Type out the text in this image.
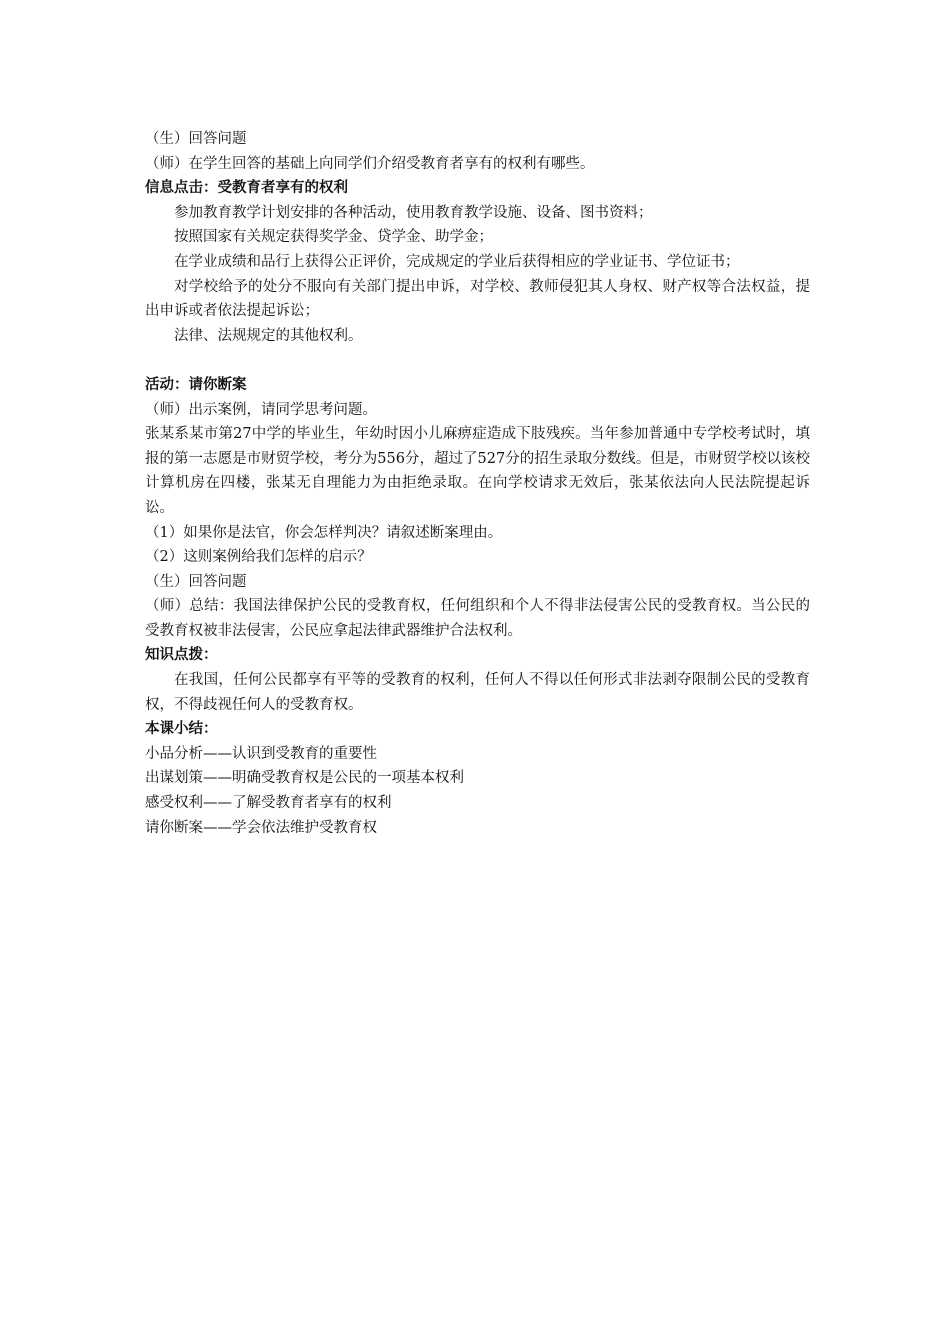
（生）回答问题

（师）在学生回答的基础上向同学们介绍受教育者享有的权利有哪些。

信息点击：受教育者享有的权利

参加教育教学计划安排的各种活动，使用教育教学设施、设备、图书资料；

按照国家有关规定获得奖学金、贷学金、助学金；

在学业成绩和品行上获得公正评价，完成规定的学业后获得相应的学业证书、学位证书；

对学校给予的处分不服向有关部门提出申诉，对学校、教师侵犯其人身权、财产权等合法权益，提出申诉或者依法提起诉讼；

法律、法规规定的其他权利。

活动：请你断案

（师）出示案例，请同学思考问题。

张某系某市第27中学的毕业生，年幼时因小儿麻痹症造成下肢残疾。当年参加普通中专学校考试时，填报的第一志愿是市财贸学校，考分为556分，超过了527分的招生录取分数线。但是，市财贸学校以该校计算机房在四楼，张某无自理能力为由拒绝录取。在向学校请求无效后，张某依法向人民法院提起诉讼。

（1）如果你是法官，你会怎样判决？请叙述断案理由。

（2）这则案例给我们怎样的启示？

（生）回答问题

（师）总结：我国法律保护公民的受教育权，任何组织和个人不得非法侵害公民的受教育权。当公民的受教育权被非法侵害，公民应拿起法律武器维护合法权利。

知识点拨：

在我国，任何公民都享有平等的受教育的权利，任何人不得以任何形式非法剥夺限制公民的受教育权，不得歧视任何人的受教育权。

本课小结：

小品分析——认识到受教育的重要性

出谋划策——明确受教育权是公民的一项基本权利

感受权利——了解受教育者享有的权利

请你断案——学会依法维护受教育权
